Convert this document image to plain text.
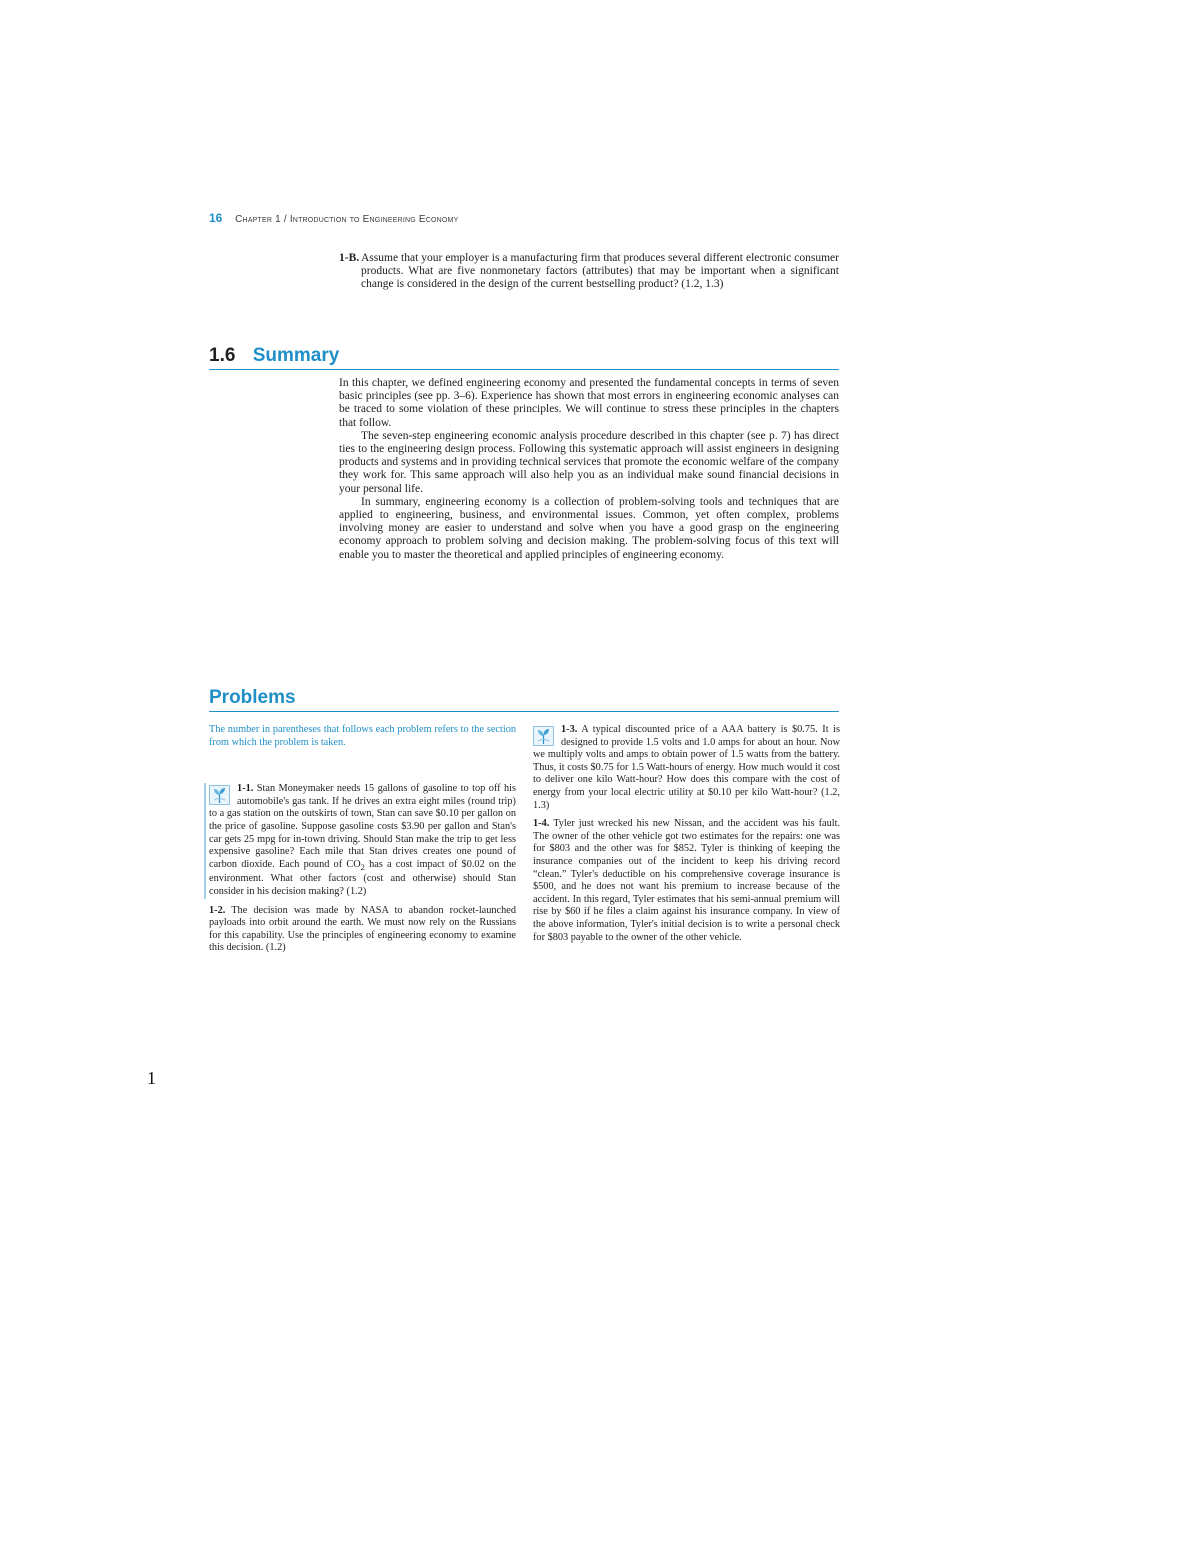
16 Chapter 1 / Introduction to Engineering Economy
1-B. Assume that your employer is a manufacturing firm that produces several different electronic consumer products. What are five nonmonetary factors (attributes) that may be important when a significant change is considered in the design of the current bestselling product? (1.2, 1.3)
1.6 Summary

In this chapter, we defined engineering economy and presented the fundamental concepts in terms of seven basic principles (see pp. 3–6). Experience has shown that most errors in engineering economic analyses can be traced to some violation of these principles. We will continue to stress these principles in the chapters that follow.

The seven-step engineering economic analysis procedure described in this chapter (see p. 7) has direct ties to the engineering design process. Following this systematic approach will assist engineers in designing products and systems and in providing technical services that promote the economic welfare of the company they work for. This same approach will also help you as an individual make sound financial decisions in your personal life.

In summary, engineering economy is a collection of problem-solving tools and techniques that are applied to engineering, business, and environmental issues. Common, yet often complex, problems involving money are easier to understand and solve when you have a good grasp on the engineering economy approach to problem solving and decision making. The problem-solving focus of this text will enable you to master the theoretical and applied principles of engineering economy.

Problems

The number in parentheses that follows each problem refers to the section from which the problem is taken.

1-1. Stan Moneymaker needs 15 gallons of gasoline to top off his automobile's gas tank. If he drives an extra eight miles (round trip) to a gas station on the outskirts of town, Stan can save $0.10 per gallon on the price of gasoline. Suppose gasoline costs $3.90 per gallon and Stan's car gets 25 mpg for in-town driving. Should Stan make the trip to get less expensive gasoline? Each mile that Stan drives creates one pound of carbon dioxide. Each pound of $CO_2$ has a cost impact of $0.02 on the environment. What other factors (cost and otherwise) should Stan consider in his decision making? (1.2)

1-2. The decision was made by NASA to abandon rocket-launched payloads into orbit around the earth. We must now rely on the Russians for this capability. Use the principles of engineering economy to examine this decision. (1.2)

1-3. A typical discounted price of a AAA battery is $0.75. It is designed to provide 1.5 volts and 1.0 amps for about an hour. Now we multiply volts and amps to obtain power of 1.5 watts from the battery. Thus, it costs $0.75 for 1.5 Watt-hours of energy. How much would it cost to deliver one kilo Watt-hour? How does this compare with the cost of energy from your local electric utility at $0.10 per kilo Watt-hour? (1.2, 1.3)

1-4. Tyler just wrecked his new Nissan, and the accident was his fault. The owner of the other vehicle got two estimates for the repairs: one was for $803 and the other was for $852. Tyler is thinking of keeping the insurance companies out of the incident to keep his driving record “clean.” Tyler's deductible on his comprehensive coverage insurance is $500, and he does not want his premium to increase because of the accident. In this regard, Tyler estimates that his semi-annual premium will rise by $60 if he files a claim against his insurance company. In view of the above information, Tyler's initial decision is to write a personal check for $803 payable to the owner of the other vehicle.

1
